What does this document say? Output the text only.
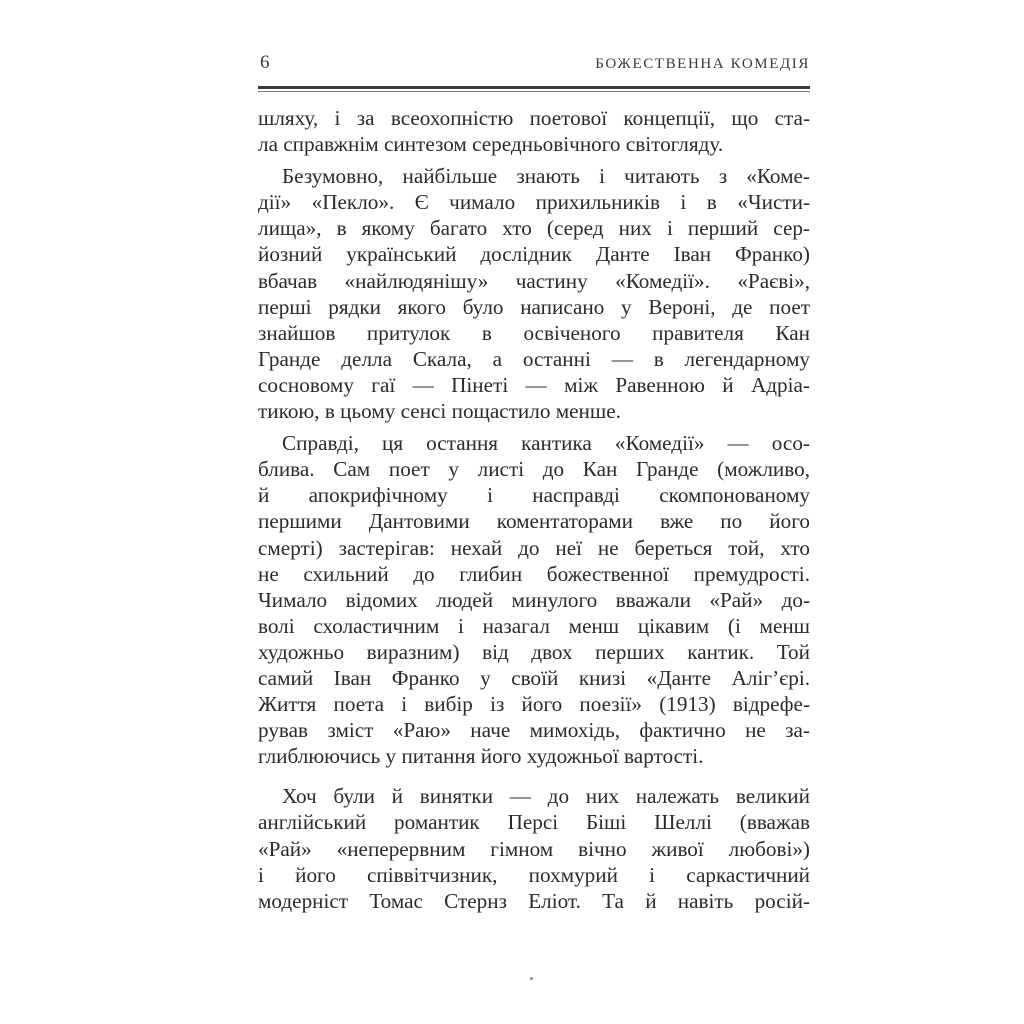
6	БОЖЕСТВЕННА КОМЕДІЯ
шляху, і за всеохопністю поетової концепції, що ста-
ла справжнім синтезом середньовічного світогляду.
Безумовно, найбільше знають і читають з «Коме-
дії» «Пекло». Є чимало прихильників і в «Чисти-
лища», в якому багато хто (серед них і перший сер-
йозний український дослідник Данте Іван Франко)
вбачав «найлюдянішу» частину «Комедії». «Раєві»,
перші рядки якого було написано у Вероні, де поет
знайшов притулок в освіченого правителя Кан
Гранде делла Скала, а останні — в легендарному
сосновому гаї — Пінеті — між Равенною й Адріа-
тикою, в цьому сенсі пощастило менше.
Справді, ця остання кантика «Комедії» — осо-
блива. Сам поет у листі до Кан Гранде (можливо,
й апокрифічному і насправді скомпонованому
першими Дантовими коментаторами вже по його
смерті) застерігав: нехай до неї не береться той, хто
не схильний до глибин божественної премудрості.
Чимало відомих людей минулого вважали «Рай» до-
волі схоластичним і назагал менш цікавим (і менш
художньо виразним) від двох перших кантик. Той
самий Іван Франко у своїй книзі «Данте Аліг’єрі.
Життя поета і вибір із його поезії» (1913) відрефе-
рував зміст «Раю» наче мимохідь, фактично не за-
глиблюючись у питання його художньої вартості.
Хоч були й винятки — до них належать великий
англійський романтик Персі Біші Шеллі (вважав
«Рай» «неперервним гімном вічно живої любові»)
і його співвітчизник, похмурий і саркастичний
модерніст Томас Стернз Еліот. Та й навіть росій-
